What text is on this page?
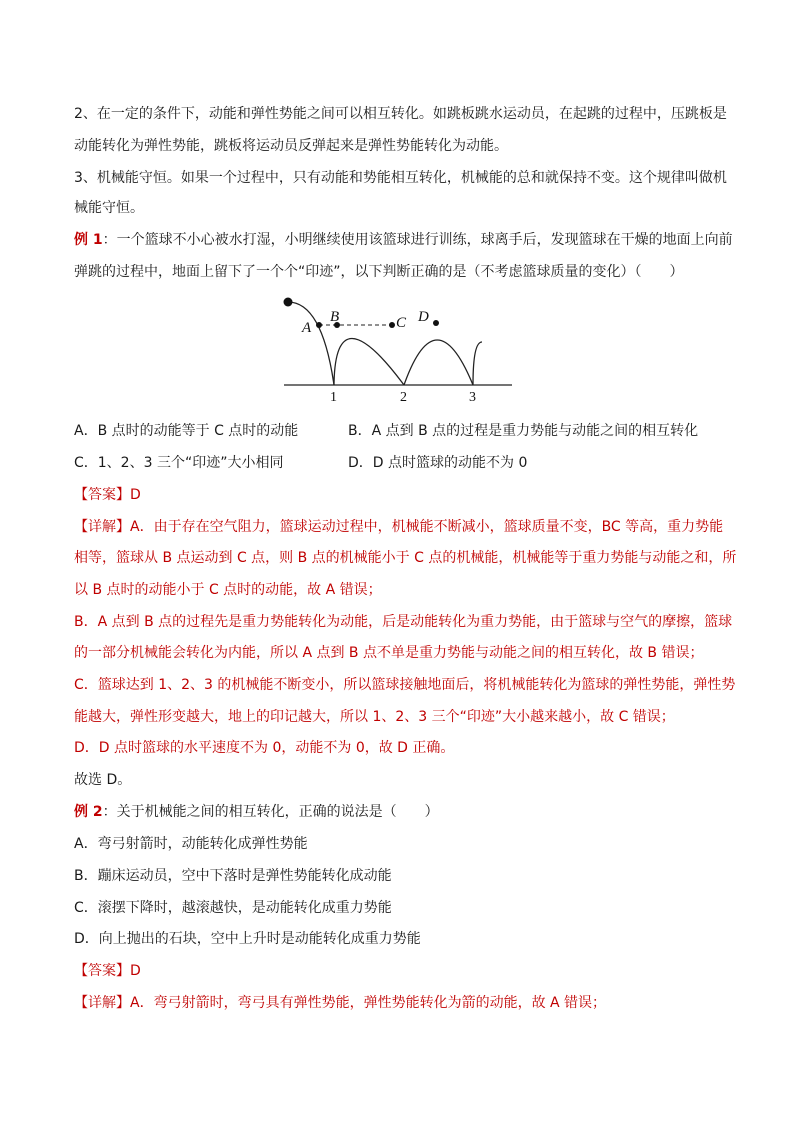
2、在一定的条件下，动能和弹性势能之间可以相互转化。如跳板跳水运动员，在起跳的过程中，压跳板是
动能转化为弹性势能，跳板将运动员反弹起来是弹性势能转化为动能。
3、机械能守恒。如果一个过程中，只有动能和势能相互转化，机械能的总和就保持不变。这个规律叫做机
械能守恒。
例 1：一个篮球不小心被水打湿，小明继续使用该篮球进行训练，球离手后，发现篮球在干燥的地面上向前
弹跳的过程中，地面上留下了一个个“印迹”，以下判断正确的是（不考虑篮球质量的变化）（　　）
A
B	C D
1	2	3
A．B 点时的动能等于 C 点时的动能	B．A 点到 B 点的过程是重力势能与动能之间的相互转化
C．1、2、3 三个“印迹”大小相同	D．D 点时篮球的动能不为 0
【答案】D
【详解】A．由于存在空气阻力，篮球运动过程中，机械能不断减小，篮球质量不变，BC 等高，重力势能
相等，篮球从 B 点运动到 C 点，则 B 点的机械能小于 C 点的机械能，机械能等于重力势能与动能之和，所
以 B 点时的动能小于 C 点时的动能，故 A 错误；
B．A 点到 B 点的过程先是重力势能转化为动能，后是动能转化为重力势能，由于篮球与空气的摩擦，篮球
的一部分机械能会转化为内能，所以 A 点到 B 点不单是重力势能与动能之间的相互转化，故 B 错误；
C．篮球达到 1、2、3 的机械能不断变小，所以篮球接触地面后，将机械能转化为篮球的弹性势能，弹性势
能越大，弹性形变越大，地上的印记越大，所以 1、2、3 三个“印迹”大小越来越小，故 C 错误；
D．D 点时篮球的水平速度不为 0，动能不为 0，故 D 正确。
故选 D。
例 2：关于机械能之间的相互转化，正确的说法是（　　）
A．弯弓射箭时，动能转化成弹性势能
B．蹦床运动员，空中下落时是弹性势能转化成动能
C．滚摆下降时，越滚越快，是动能转化成重力势能
D．向上抛出的石块，空中上升时是动能转化成重力势能
【答案】D
【详解】A．弯弓射箭时，弯弓具有弹性势能，弹性势能转化为箭的动能，故 A 错误；
